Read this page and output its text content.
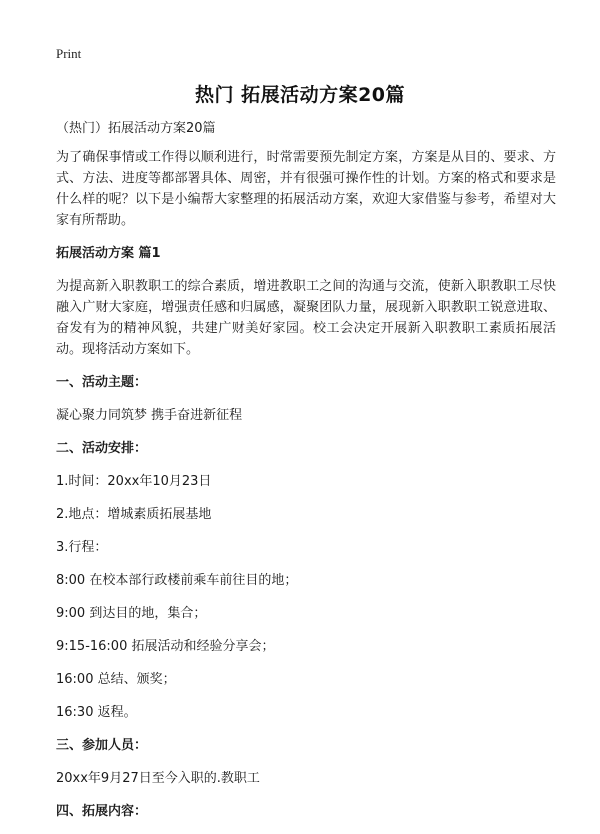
Print
热门 拓展活动方案20篇

（热门）拓展活动方案20篇

为了确保事情或工作得以顺利进行，时常需要预先制定方案，方案是从目的、要求、方式、方法、进度等都部署具体、周密，并有很强可操作性的计划。方案的格式和要求是什么样的呢？以下是小编帮大家整理的拓展活动方案，欢迎大家借鉴与参考，希望对大家有所帮助。

拓展活动方案 篇1

为提高新入职教职工的综合素质，增进教职工之间的沟通与交流，使新入职教职工尽快融入广财大家庭，增强责任感和归属感，凝聚团队力量，展现新入职教职工锐意进取、奋发有为的精神风貌，共建广财美好家园。校工会决定开展新入职教职工素质拓展活动。现将活动方案如下。

一、活动主题：

凝心聚力同筑梦 携手奋进新征程

二、活动安排：

1.时间：20xx年10月23日

2.地点：增城素质拓展基地

3.行程：

8:00 在校本部行政楼前乘车前往目的地；

9:00 到达目的地，集合；

9:15-16:00 拓展活动和经验分享会；

16:00 总结、颁奖；

16:30 返程。

三、参加人员：

20xx年9月27日至今入职的.教职工

四、拓展内容：
